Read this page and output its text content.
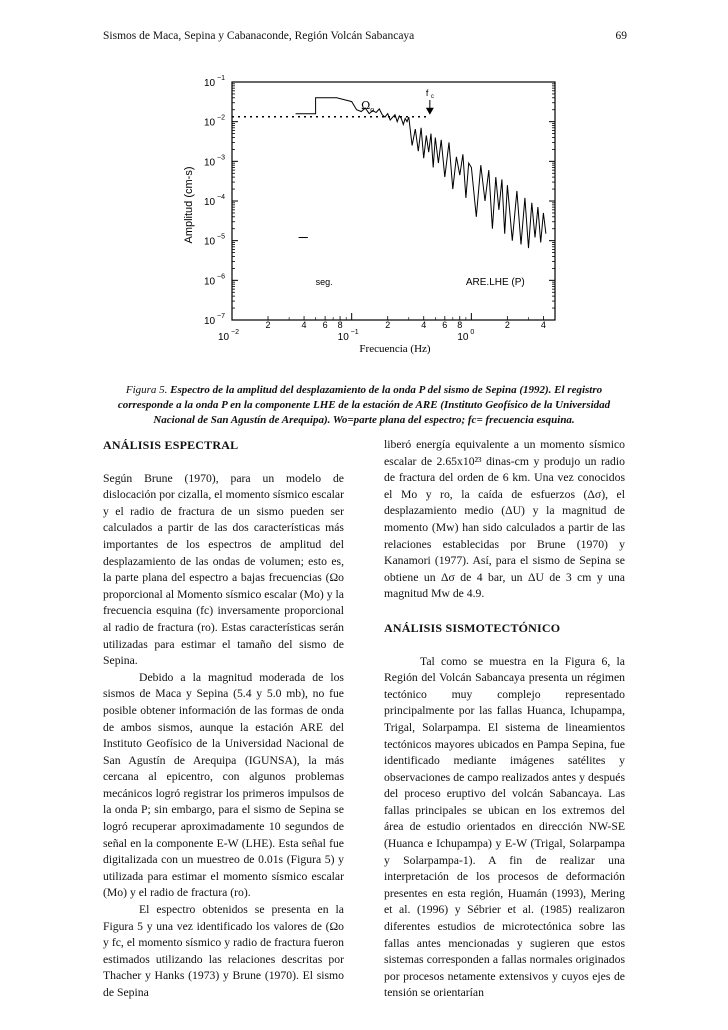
Sismos de Maca, Sepina y Cabanaconde, Región Volcán Sabancaya	69
10 −1
10 −2
10 −3
10 −4
10 −5
10 −6
10 −7
10 −2	10 −1	10 0
2	4 6 8	2	4 6 8	2	4
Ω o
f c
seg.	ARE.LHE (P)
Amplitud (cm-s)
Frecuencia (Hz)
Figura 5. Espectro de la amplitud del desplazamiento de la onda P del sismo de Sepina (1992). El registro corresponde a la onda P en la componente LHE de la estación de ARE (Instituto Geofísico de la Universidad Nacional de San Agustín de Arequipa). Wo=parte plana del espectro; fc= frecuencia esquina.
ANÁLISIS ESPECTRAL

Según Brune (1970), para un modelo de dislocación por cizalla, el momento sísmico escalar y el radio de fractura de un sismo pueden ser calculados a partir de las dos características más importantes de los espectros de amplitud del desplazamiento de las ondas de volumen; esto es, la parte plana del espectro a bajas frecuencias (Ωo proporcional al Momento sísmico escalar (Mo) y la frecuencia esquina (fc) inversamente proporcional al radio de fractura (ro). Estas características serán utilizadas para estimar el tamaño del sismo de Sepina.

Debido a la magnitud moderada de los sismos de Maca y Sepina (5.4 y 5.0 mb), no fue posible obtener información de las formas de onda de ambos sismos, aunque la estación ARE del Instituto Geofísico de la Universidad Nacional de San Agustín de Arequipa (IGUNSA), la más cercana al epicentro, con algunos problemas mecánicos logró registrar los primeros impulsos de la onda P; sin embargo, para el sismo de Sepina se logró recuperar aproximadamente 10 segundos de señal en la componente E-W (LHE). Esta señal fue digitalizada con un muestreo de 0.01s (Figura 5) y utilizada para estimar el momento sísmico escalar (Mo) y el radio de fractura (ro).

El espectro obtenidos se presenta en la Figura 5 y una vez identificado los valores de (Ωo y fc, el momento sísmico y radio de fractura fueron estimados utilizando las relaciones descritas por Thacher y Hanks (1973) y Brune (1970). El sismo de Sepina

liberó energía equivalente a un momento sísmico escalar de 2.65x10²³ dinas-cm y produjo un radio de fractura del orden de 6 km. Una vez conocidos el Mo y ro, la caída de esfuerzos (Δσ), el desplazamiento medio (ΔU) y la magnitud de momento (Mw) han sido calculados a partir de las relaciones establecidas por Brune (1970) y Kanamori (1977). Así, para el sismo de Sepina se obtiene un Δσ de 4 bar, un ΔU de 3 cm y una magnitud Mw de 4.9.

ANÁLISIS SISMOTECTÓNICO

Tal como se muestra en la Figura 6, la Región del Volcán Sabancaya presenta un régimen tectónico muy complejo representado principalmente por las fallas Huanca, Ichupampa, Trigal, Solarpampa. El sistema de lineamientos tectónicos mayores ubicados en Pampa Sepina, fue identificado mediante imágenes satélites y observaciones de campo realizados antes y después del proceso eruptivo del volcán Sabancaya. Las fallas principales se ubican en los extremos del área de estudio orientados en dirección NW-SE (Huanca e Ichupampa) y E-W (Trigal, Solarpampa y Solarpampa-1). A fin de realizar una interpretación de los procesos de deformación presentes en esta región, Huamán (1993), Mering et al. (1996) y Sébrier et al. (1985) realizaron diferentes estudios de microtectónica sobre las fallas antes mencionadas y sugieren que estos sistemas corresponden a fallas normales originados por procesos netamente extensivos y cuyos ejes de tensión se orientarían
